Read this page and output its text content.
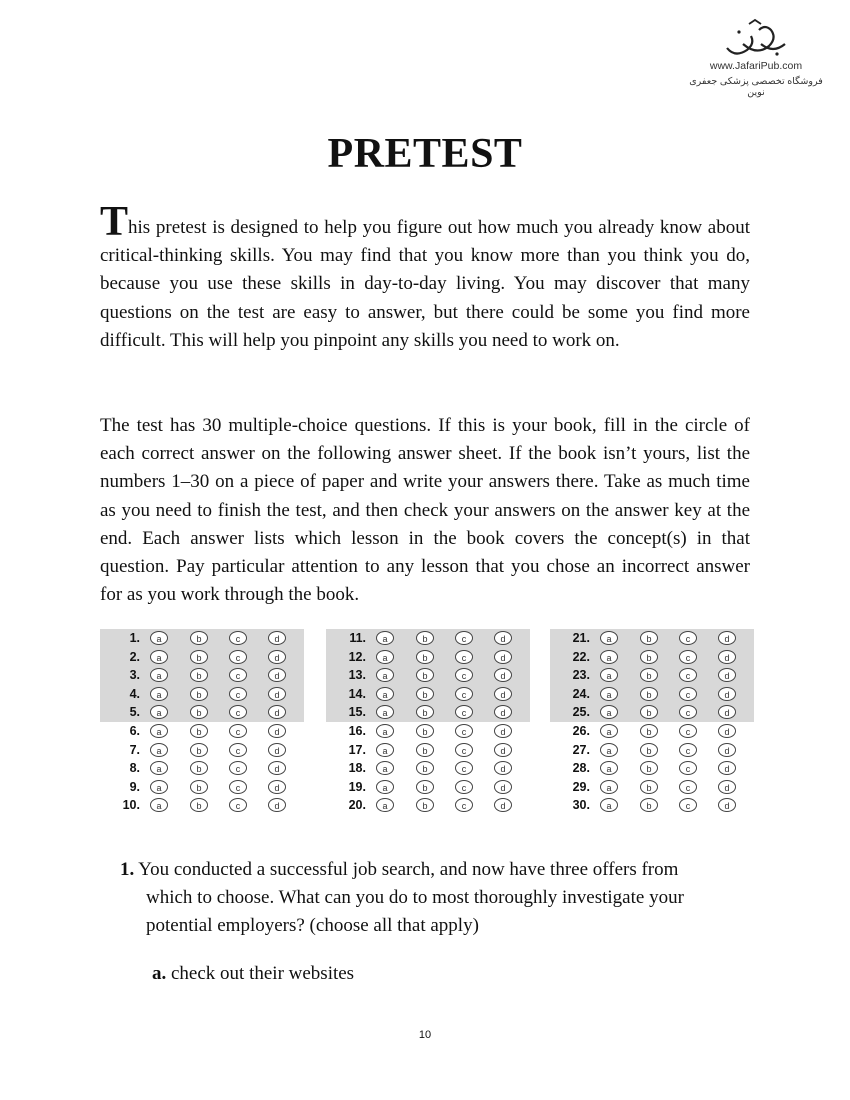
www.JafariPub.com
فروشگاه تخصصی پزشکی جعفری نوین
PRETEST

This pretest is designed to help you figure out how much you already know about critical-thinking skills. You may find that you know more than you think you do, because you use these skills in day-to-day living. You may discover that many questions on the test are easy to answer, but there could be some you find more difficult. This will help you pinpoint any skills you need to work on.

The test has 30 multiple-choice questions. If this is your book, fill in the circle of each correct answer on the following answer sheet. If the book isn’t yours, list the numbers 1–30 on a piece of paper and write your answers there. Take as much time as you need to finish the test, and then check your answers on the answer key at the end. Each answer lists which lesson in the book covers the concept(s) in that question. Pay particular attention to any lesson that you chose an incorrect answer for as you work through the book.

1.	a	b	c	d
2.	a	b	c	d
3.	a	b	c	d
4.	a	b	c	d
5.	a	b	c	d
6.	a	b	c	d
7.	a	b	c	d
8.	a	b	c	d
9.	a	b	c	d
10.	a	b	c	d
11.	a	b	c	d
12.	a	b	c	d
13.	a	b	c	d
14.	a	b	c	d
15.	a	b	c	d
16.	a	b	c	d
17.	a	b	c	d
18.	a	b	c	d
19.	a	b	c	d
20.	a	b	c	d
21.	a	b	c	d
22.	a	b	c	d
23.	a	b	c	d
24.	a	b	c	d
25.	a	b	c	d
26.	a	b	c	d
27.	a	b	c	d
28.	a	b	c	d
29.	a	b	c	d
30.	a	b	c	d
1. You conducted a successful job search, and now have three offers from
which to choose. What can you do to most thoroughly investigate your
potential employers? (choose all that apply)
a. check out their websites
10
